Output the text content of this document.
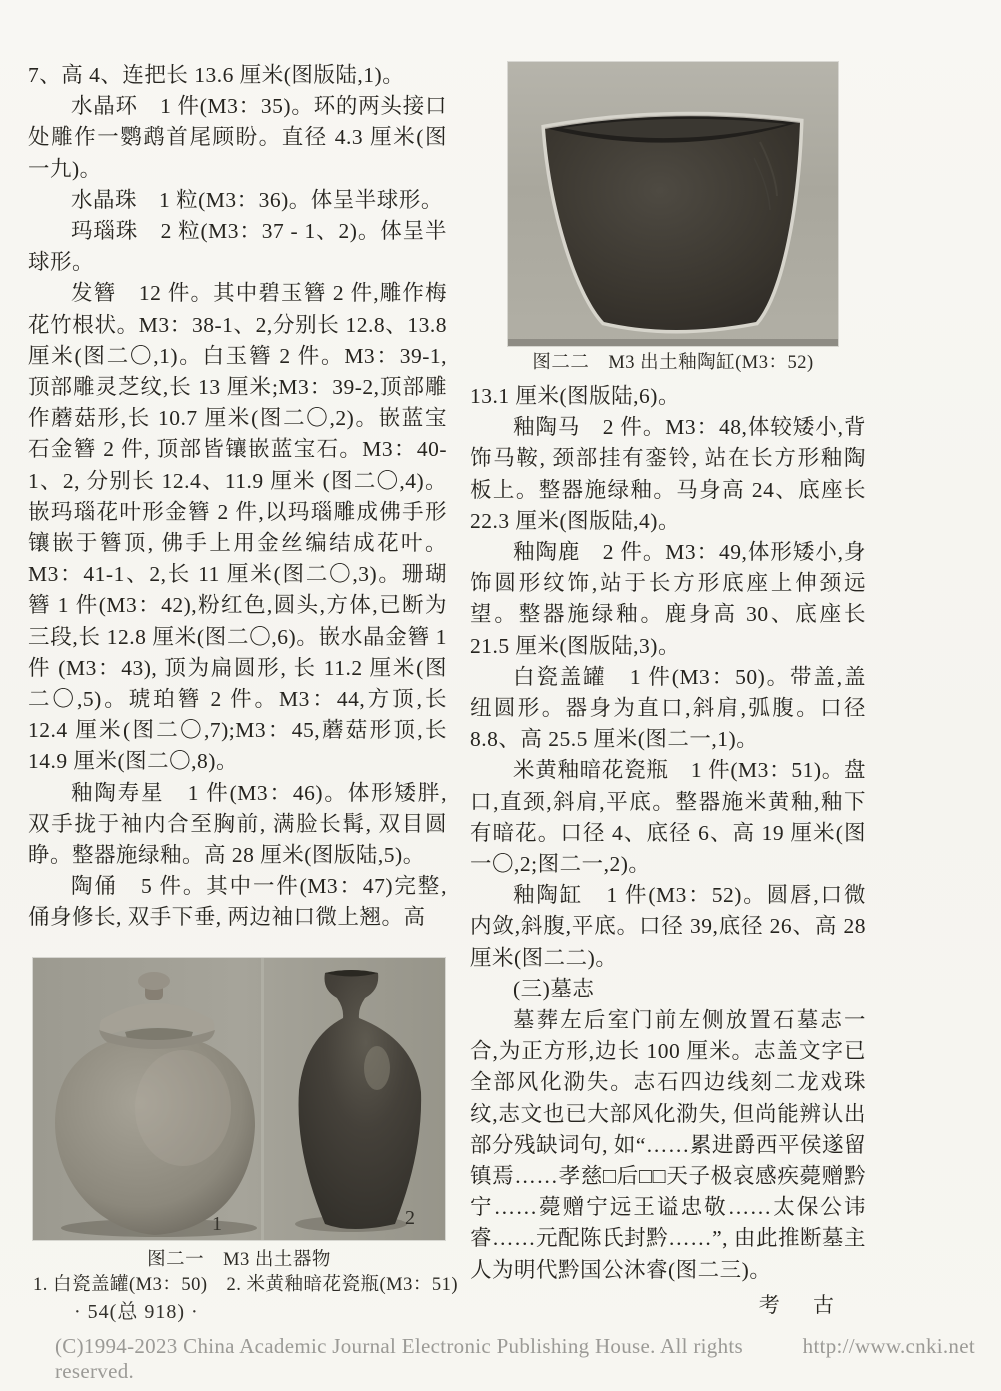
7、高 4、连把长 13.6 厘米(图版陆,1)。

水晶环　1 件(M3：35)。环的两头接口处雕作一鹦鹉首尾顾盼。直径 4.3 厘米(图一九)。

水晶珠　1 粒(M3：36)。体呈半球形。

玛瑙珠　2 粒(M3：37 - 1、2)。体呈半球形。

发簪　12 件。其中碧玉簪 2 件,雕作梅花竹根状。M3：38-1、2,分别长 12.8、13.8 厘米(图二〇,1)。白玉簪 2 件。M3：39-1,顶部雕灵芝纹,长 13 厘米;M3：39-2,顶部雕作蘑菇形,长 10.7 厘米(图二〇,2)。嵌蓝宝石金簪 2 件, 顶部皆镶嵌蓝宝石。M3：40-1、2, 分别长 12.4、11.9 厘米 (图二〇,4)。嵌玛瑙花叶形金簪 2 件,以玛瑙雕成佛手形镶嵌于簪顶, 佛手上用金丝编结成花叶。M3：41-1、2,长 11 厘米(图二〇,3)。珊瑚簪 1 件(M3：42),粉红色,圆头,方体,已断为三段,长 12.8 厘米(图二〇,6)。嵌水晶金簪 1 件 (M3：43), 顶为扁圆形, 长 11.2 厘米(图二〇,5)。琥珀簪 2 件。M3：44,方顶,长 12.4 厘米(图二〇,7);M3：45,蘑菇形顶,长 14.9 厘米(图二〇,8)。

釉陶寿星　1 件(M3：46)。体形矮胖,双手拢于袖内合至胸前, 满脸长髯, 双目圆睁。整器施绿釉。高 28 厘米(图版陆,5)。

陶俑　5 件。其中一件(M3：47)完整,俑身修长, 双手下垂, 两边袖口微上翘。高

图二二　M3 出土釉陶缸(M3：52)

13.1 厘米(图版陆,6)。

釉陶马　2 件。M3：48,体较矮小,背饰马鞍, 颈部挂有銮铃, 站在长方形釉陶板上。整器施绿釉。马身高 24、底座长 22.3 厘米(图版陆,4)。

釉陶鹿　2 件。M3：49,体形矮小,身饰圆形纹饰,站于长方形底座上伸颈远望。整器施绿釉。鹿身高 30、底座长 21.5 厘米(图版陆,3)。

白瓷盖罐　1 件(M3：50)。带盖,盖纽圆形。器身为直口,斜肩,弧腹。口径 8.8、高 25.5 厘米(图二一,1)。

米黄釉暗花瓷瓶　1 件(M3：51)。盘口,直颈,斜肩,平底。整器施米黄釉,釉下有暗花。口径 4、底径 6、高 19 厘米(图一〇,2;图二一,2)。

釉陶缸　1 件(M3：52)。圆唇,口微内敛,斜腹,平底。口径 39,底径 26、高 28 厘米(图二二)。

(三)墓志

墓葬左后室门前左侧放置石墓志一合,为正方形,边长 100 厘米。志盖文字已全部风化泐失。志石四边线刻二龙戏珠纹,志文也已大部风化泐失, 但尚能辨认出部分残缺词句, 如“……累进爵西平侯遂留镇焉……孝慈□后□□天子极哀感疾薨赠黔宁……薨赠宁远王谥忠敬……太保公讳睿……元配陈氏封黔……”, 由此推断墓主人为明代黔国公沐睿(图二三)。

考 古

1	2
图二一　M3 出土器物
1. 白瓷盖罐(M3：50)　2. 米黄釉暗花瓷瓶(M3：51)
· 54(总 918) ·
(C)1994-2023 China Academic Journal Electronic Publishing House. All rights reserved.
http://www.cnki.net
